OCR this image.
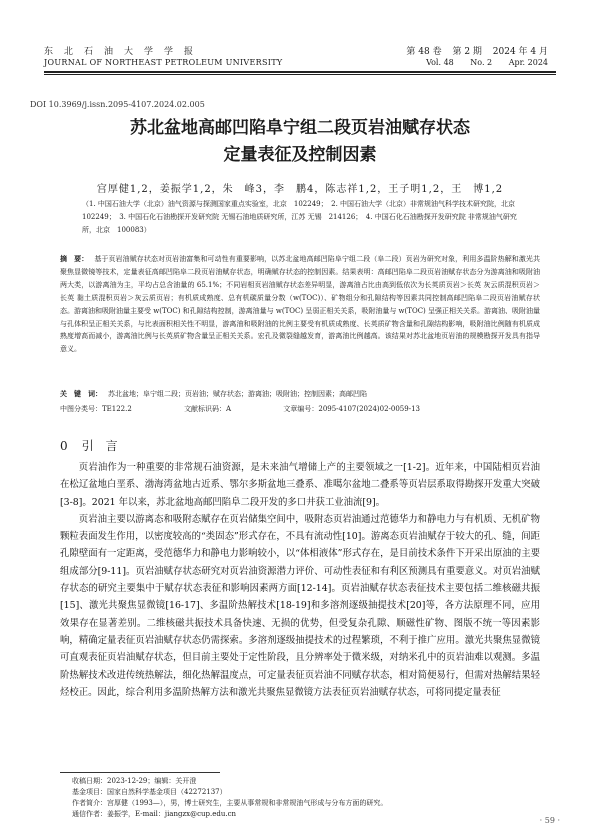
东北石油大学学报
JOURNAL OF NORTHEAST PETROLEUM UNIVERSITY
第 48 卷 第 2 期 2024 年 4 月
Vol. 48 No. 2 Apr. 2024
DOI 10.3969/j.issn.2095-4107.2024.02.005
苏北盆地高邮凹陷阜宁组二段页岩油赋存状态
定量表征及控制因素
宫厚健1,2，姜振学1,2，朱　峰3，李　鹏4，陈志祥1,2，王子明1,2，王　博1,2
（1. 中国石油大学（北京）油气资源与探测国家重点实验室，北京　102249；　2. 中国石油大学（北京）非常规油气科学技术研究院，北京　102249；　3. 中国石化石油勘探开发研究院 无锡石油地质研究所，江苏 无锡　214126；　4. 中国石化石油勘探开发研究院 非常规油气研究所，北京　100083）
摘　要： 基于页岩油赋存状态对页岩油富集和可动性有重要影响，以苏北盆地高邮凹陷阜宁组二段（阜二段）页岩为研究对象，利用多温阶热解和激光共聚焦显微镜等技术，定量表征高邮凹陷阜二段页岩油赋存状态，明确赋存状态的控制因素。结果表明：高邮凹陷阜二段页岩油赋存状态分为游离油和吸附油两大类，以游离油为主，平均占总含油量的 65.1%；不同岩相页岩油赋存状态差异明显，游离油占比由高到低依次为长英质页岩＞长英 灰云质混积页岩＞长英 黏土质混积页岩＞灰云质页岩；有机质成熟度、总有机碳质量分数（w(TOC)）、矿物组分和孔隙结构等因素共同控制高邮凹陷阜二段页岩油赋存状态。游离油和吸附油量主要受 w(TOC) 和孔隙结构控制，游离油量与 w(TOC) 呈弱正相关关系，吸附油量与 w(TOC) 呈强正相关关系。游离油、吸附油量与孔体积呈正相关关系，与比表面积相关性不明显，游离油和吸附油的比例主要受有机质成熟度、长英质矿物含量和孔隙结构影响，吸附油比例随有机质成熟度增高而减小，游离油比例与长英质矿物含量呈正相关关系。宏孔及微裂缝越发育，游离油比例越高。该结果对苏北盆地页岩油的规模勘探开发具有指导意义。
关　键　词： 苏北盆地；阜宁组二段；页岩油；赋存状态；游离油；吸附油；控制因素；高邮凹陷
中图分类号：TE122.2	文献标识码：A	文章编号：2095-4107(2024)02-0059-13
0 引　言

页岩油作为一种重要的非常规石油资源，是未来油气增储上产的主要领域之一[1-2]。近年来，中国陆相页岩油在松辽盆地白垩系、渤海湾盆地古近系、鄂尔多斯盆地三叠系、准噶尔盆地二叠系等页岩层系取得勘探开发重大突破[3-8]。2021 年以来，苏北盆地高邮凹陷阜二段开发的多口井获工业油流[9]。

页岩油主要以游离态和吸附态赋存在页岩储集空间中，吸附态页岩油通过范德华力和静电力与有机质、无机矿物颗粒表面发生作用，以密度较高的“类固态”形式存在，不具有流动性[10]。游离态页岩油赋存于较大的孔、缝，间距孔隙壁面有一定距离，受范德华力和静电力影响较小，以“体相液体”形式存在，是目前技术条件下开采出原油的主要组成部分[9-11]。页岩油赋存状态研究对页岩油资源潜力评价、可动性表征和有利区预测具有重要意义。对页岩油赋存状态的研究主要集中于赋存状态表征和影响因素两方面[12-14]。页岩油赋存状态表征技术主要包括二维核磁共振[15]、激光共聚焦显微镜[16-17]、多温阶热解技术[18-19]和多溶剂逐级抽提技术[20]等，各方法原理不同，应用效果存在显著差别。二维核磁共振技术具备快速、无损的优势，但受复杂孔隙、顺磁性矿物、图版不统一等因素影响，精确定量表征页岩油赋存状态仍需探索。多溶剂逐级抽提技术的过程繁琐，不利于推广应用。激光共聚焦显微镜可直观表征页岩油赋存状态，但目前主要处于定性阶段，且分辨率处于微米级，对纳米孔中的页岩油难以观测。多温阶热解技术改进传统热解法，细化热解温度点，可定量表征页岩油不同赋存状态，相对简便易行，但需对热解结果轻烃校正。因此，综合利用多温阶热解方法和激光共聚焦显微镜方法表征页岩油赋存状态，可将同提定量表征

收稿日期：2023-12-29；编辑：关开澄
基金项目：国家自然科学基金项目（42272137）
作者简介：宫厚健（1993—），男，博士研究生，主要从事常规和非常规油气形成与分布方面的研究。
通信作者：姜振学，E-mail：jiangzx@cup.edu.cn
· 59 ·
